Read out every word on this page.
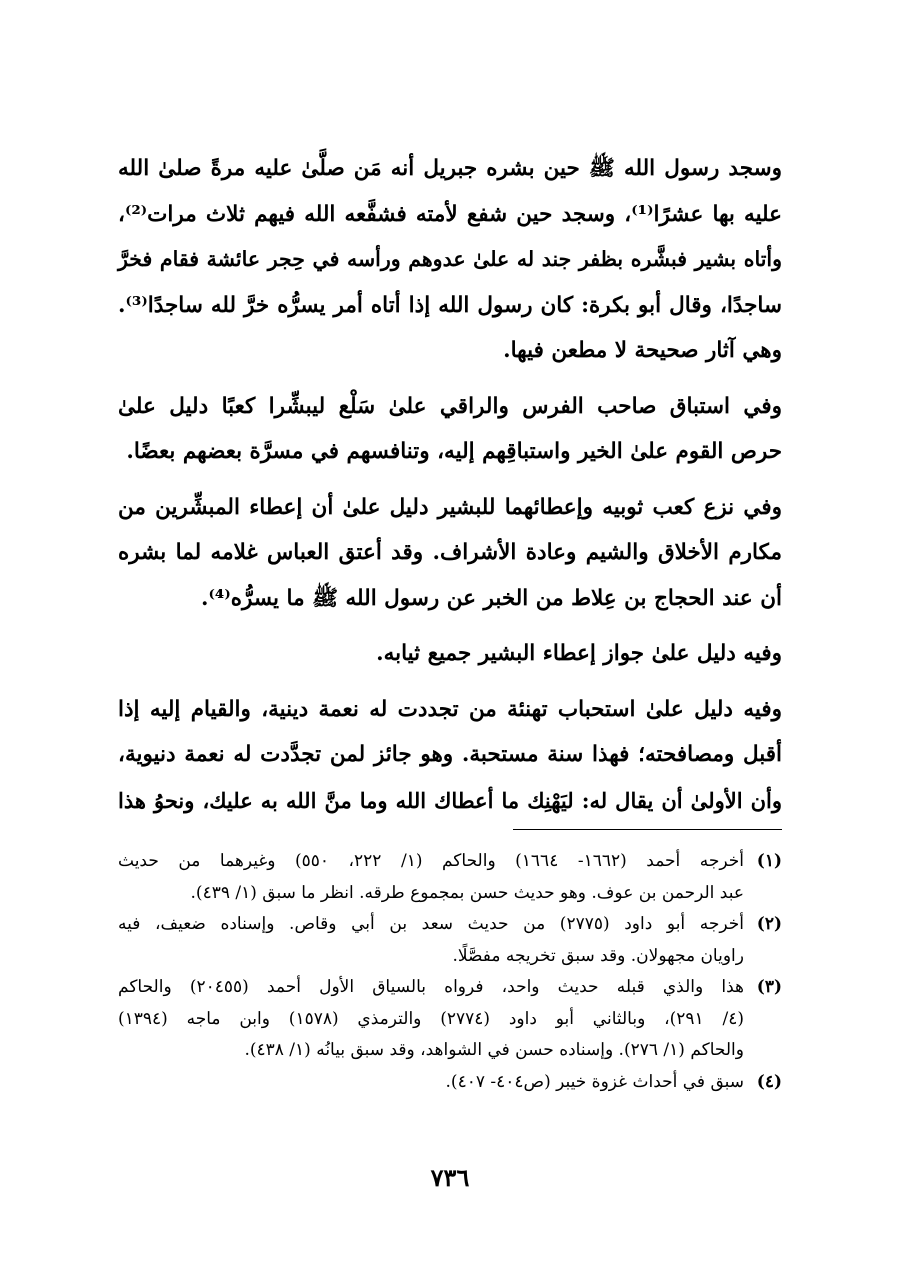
وسجد رسول الله ﷺ حين بشره جبريل أنه مَن صلَّىٰ عليه مرةً صلىٰ الله
عليه بها عشرًا⁽¹⁾، وسجد حين شفع لأمته فشفَّعه الله فيهم ثلاث مرات⁽²⁾،
وأتاه بشير فبشَّره بظفر جند له علىٰ عدوهم ورأسه في حِجر عائشة فقام فخرَّ
ساجدًا، وقال أبو بكرة: كان رسول الله إذا أتاه أمر يسرُّه خرَّ لله ساجدًا⁽³⁾.
وهي آثار صحيحة لا مطعن فيها.

وفي استباق صاحب الفرس والراقي علىٰ سَلْع ليبشِّرا كعبًا دليل علىٰ
حرص القوم علىٰ الخير واستباقِهم إليه، وتنافسهم في مسرَّة بعضهم بعضًا.

وفي نزع كعب ثوبيه وإعطائهما للبشير دليل علىٰ أن إعطاء المبشِّرين من
مكارم الأخلاق والشيم وعادة الأشراف. وقد أعتق العباس غلامه لما بشره
أن عند الحجاج بن عِلاط من الخبر عن رسول الله ﷺ ما يسرُّه⁽⁴⁾.

وفيه دليل علىٰ جواز إعطاء البشير جميع ثيابه.

وفيه دليل علىٰ استحباب تهنئة من تجددت له نعمة دينية، والقيام إليه إذا
أقبل ومصافحته؛ فهذا سنة مستحبة. وهو جائز لمن تجدَّدت له نعمة دنيوية،
وأن الأولىٰ أن يقال له: ليَهْنِك ما أعطاك الله وما منَّ الله به عليك، ونحوُ هذا

(١)
أخرجه أحمد (١٦٦٢- ١٦٦٤) والحاكم (١/ ٢٢٢، ٥٥٠) وغيرهما من حديث
عبد الرحمن بن عوف. وهو حديث حسن بمجموع طرقه. انظر ما سبق (١/ ٤٣٩).
(٢)
أخرجه أبو داود (٢٧٧٥) من حديث سعد بن أبي وقاص. وإسناده ضعيف، فيه
راويان مجهولان. وقد سبق تخريجه مفصَّلًا.
(٣)
هذا والذي قبله حديث واحد، فرواه بالسياق الأول أحمد (٢٠٤٥٥) والحاكم
(٤/ ٢٩١)، وبالثاني أبو داود (٢٧٧٤) والترمذي (١٥٧٨) وابن ماجه (١٣٩٤)
والحاكم (١/ ٢٧٦). وإسناده حسن في الشواهد، وقد سبق بيانُه (١/ ٤٣٨).
(٤)
سبق في أحداث غزوة خيبر (ص٤٠٤- ٤٠٧).
٧٣٦
